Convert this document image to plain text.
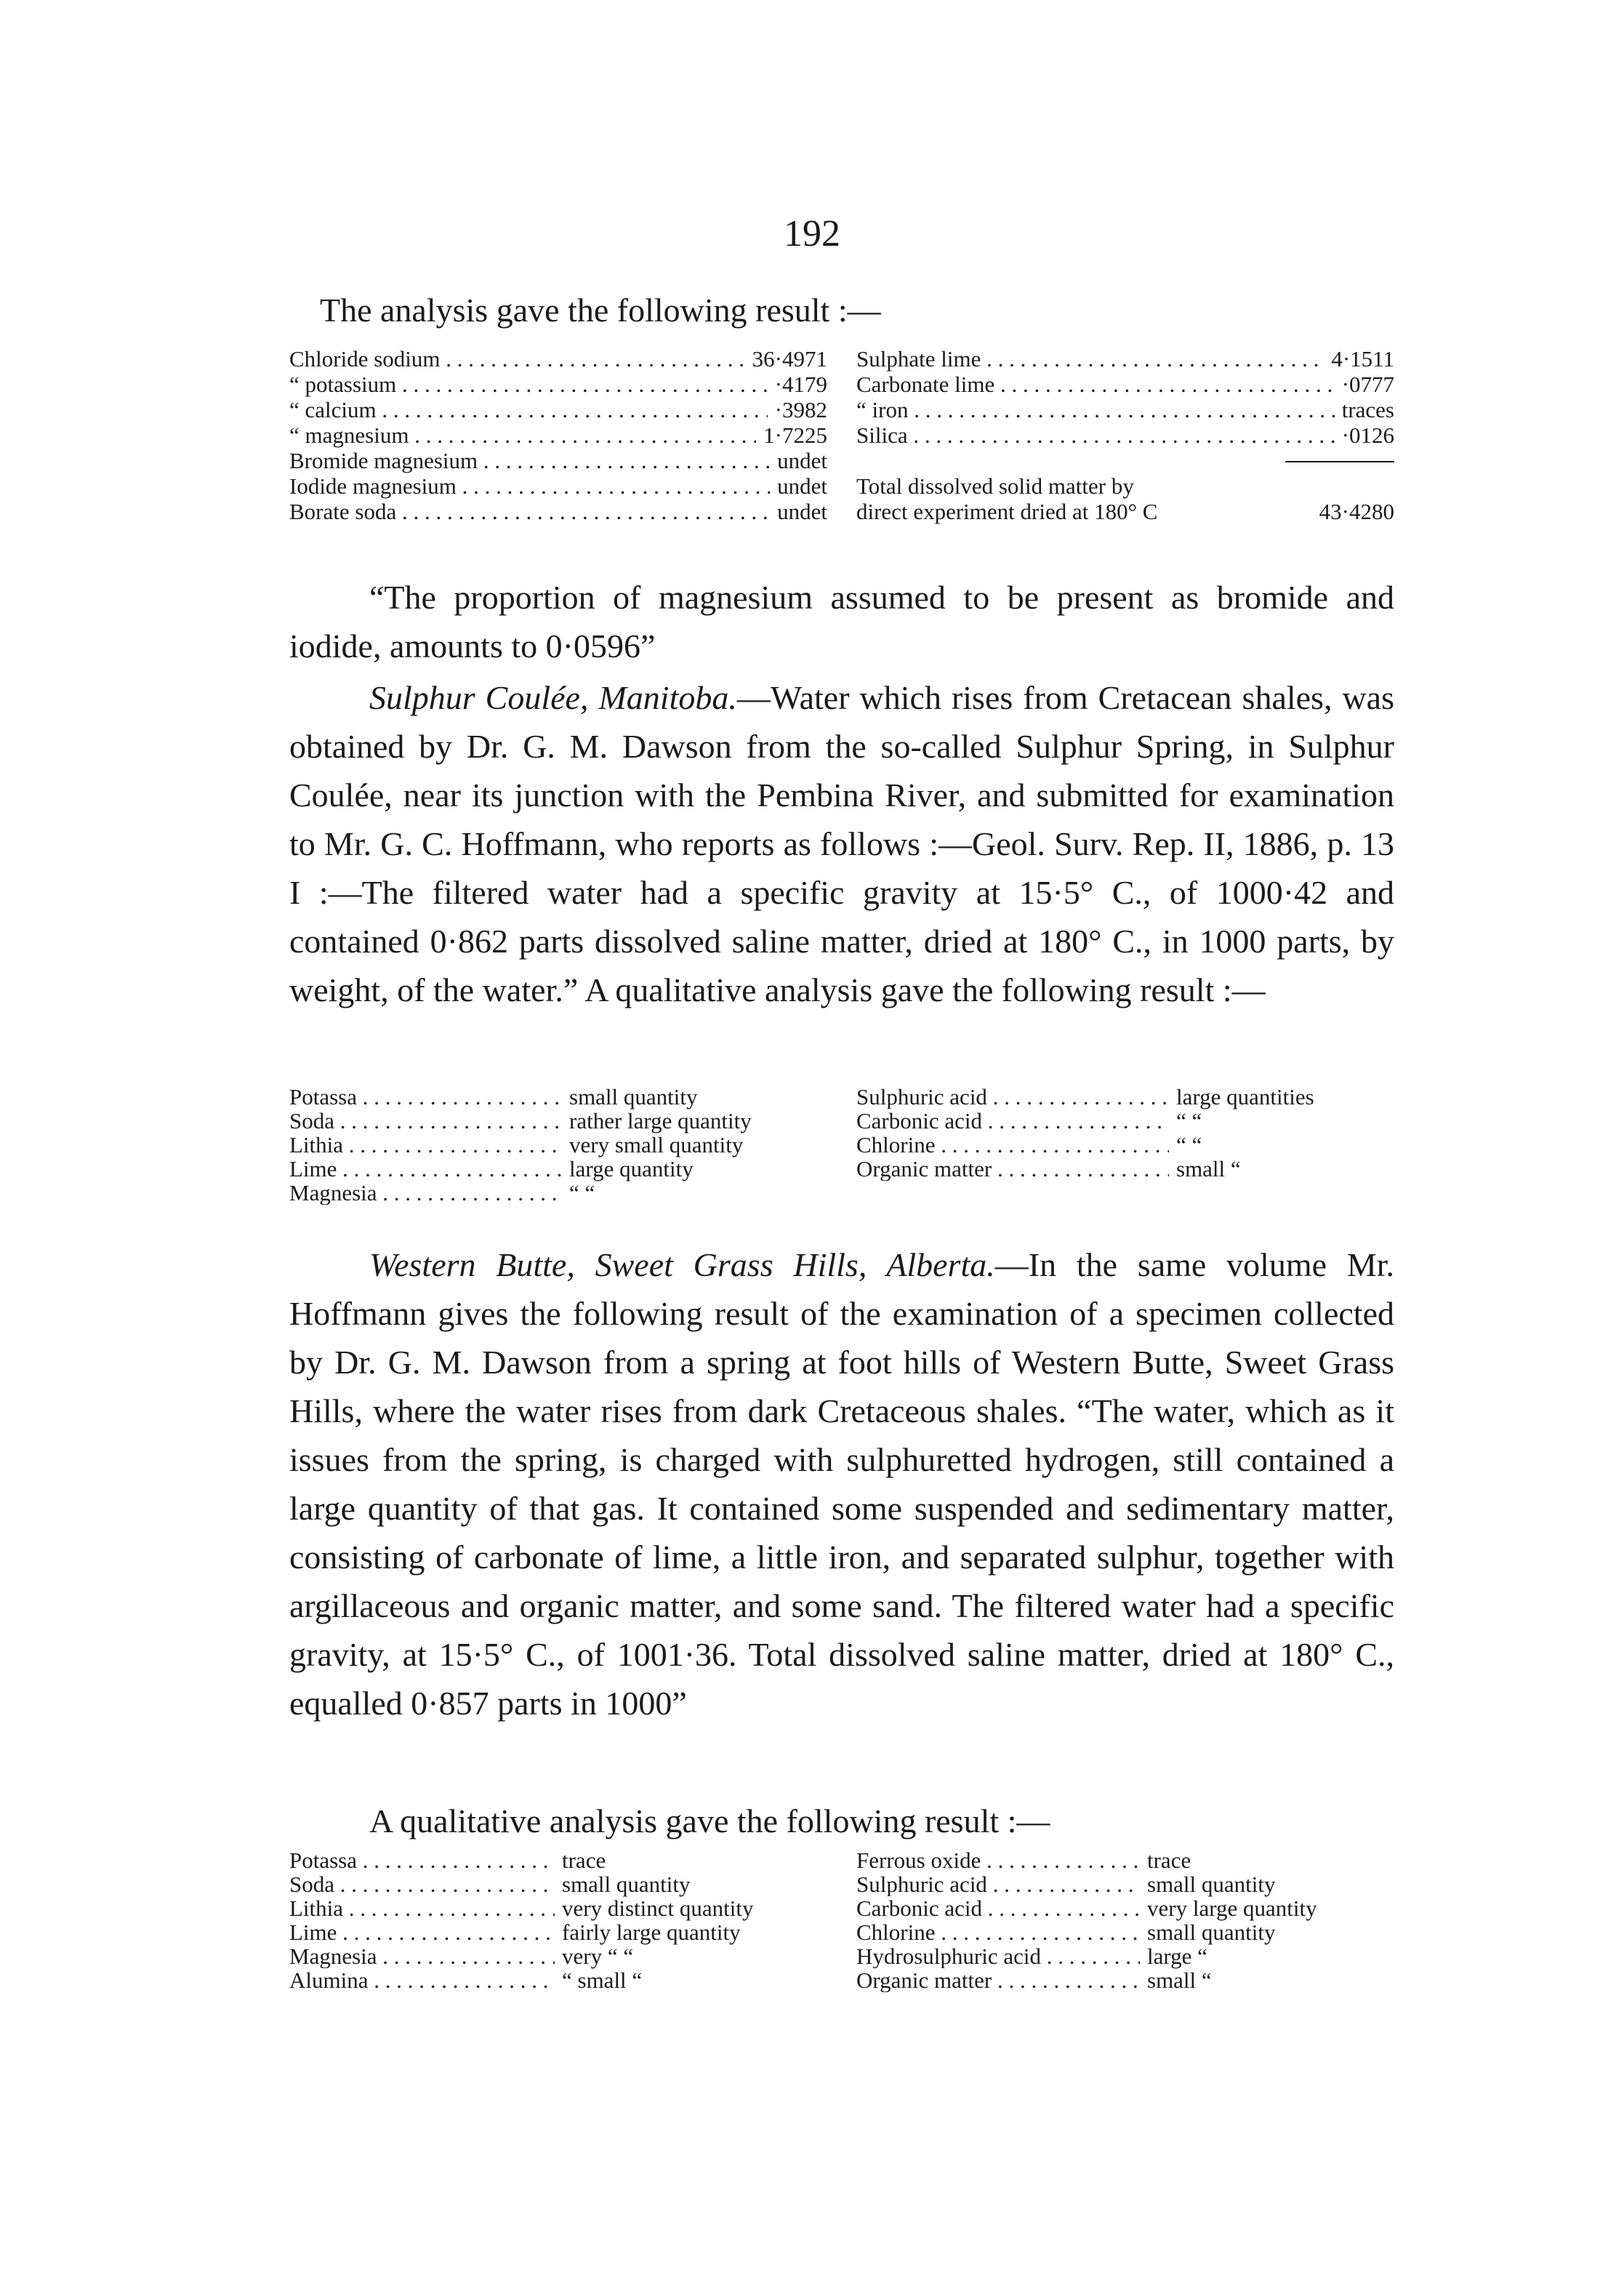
192
The analysis gave the following result :—
Chloride sodium . . .	36·4971
“ potassium . . .	·4179
“ calcium . . .	·3982
“ magnesium . . .	1·7225
Bromide magnesium . . .	undet
Iodide magnesium . . .	undet
Borate soda . . .	undet
Sulphate lime . . .	4·1511
Carbonate lime . . .	·0777
“ iron . . .	traces
Silica . . .	·0126
Total dissolved solid matter by
direct experiment dried at 180° C	43·4280

“The proportion of magnesium assumed to be present as bromide and iodide, amounts to 0·0596”

Sulphur Coulée, Manitoba.—Water which rises from Cretacean shales, was obtained by Dr. G. M. Dawson from the so-called Sulphur Spring, in Sulphur Coulée, near its junction with the Pembina River, and submitted for examination to Mr. G. C. Hoffmann, who reports as follows :—Geol. Surv. Rep. II, 1886, p. 13 I :—The filtered water had a specific gravity at 15·5° C., of 1000·42 and contained 0·862 parts dissolved saline matter, dried at 180° C., in 1000 parts, by weight, of the water.” A qualitative analysis gave the following result :—

Potassa . . .	small quantity
Soda . . .	rather large quantity
Lithia . . .	very small quantity
Lime . . .	large quantity
Magnesia . . .	“ “
Sulphuric acid . . .	large quantities
Carbonic acid . . .	“ “
Chlorine . . .	“ “
Organic matter . . .	small “

Western Butte, Sweet Grass Hills, Alberta.—In the same volume Mr. Hoffmann gives the following result of the examination of a specimen collected by Dr. G. M. Dawson from a spring at foot hills of Western Butte, Sweet Grass Hills, where the water rises from dark Cretaceous shales. “The water, which as it issues from the spring, is charged with sulphuretted hydrogen, still contained a large quantity of that gas. It contained some suspended and sedimentary matter, consisting of carbonate of lime, a little iron, and separated sulphur, together with argillaceous and organic matter, and some sand. The filtered water had a specific gravity, at 15·5° C., of 1001·36. Total dissolved saline matter, dried at 180° C., equalled 0·857 parts in 1000”

A qualitative analysis gave the following result :—
Potassa . . .	trace
Soda . . .	small quantity
Lithia . . .	very distinct quantity
Lime . . .	fairly large quantity
Magnesia . . .	very “ “
Alumina . . .	“ small “
Ferrous oxide . . .	trace
Sulphuric acid . . .	small quantity
Carbonic acid . . .	very large quantity
Chlorine . . .	small quantity
Hydrosulphuric acid . . .	large “
Organic matter . . .	small “
